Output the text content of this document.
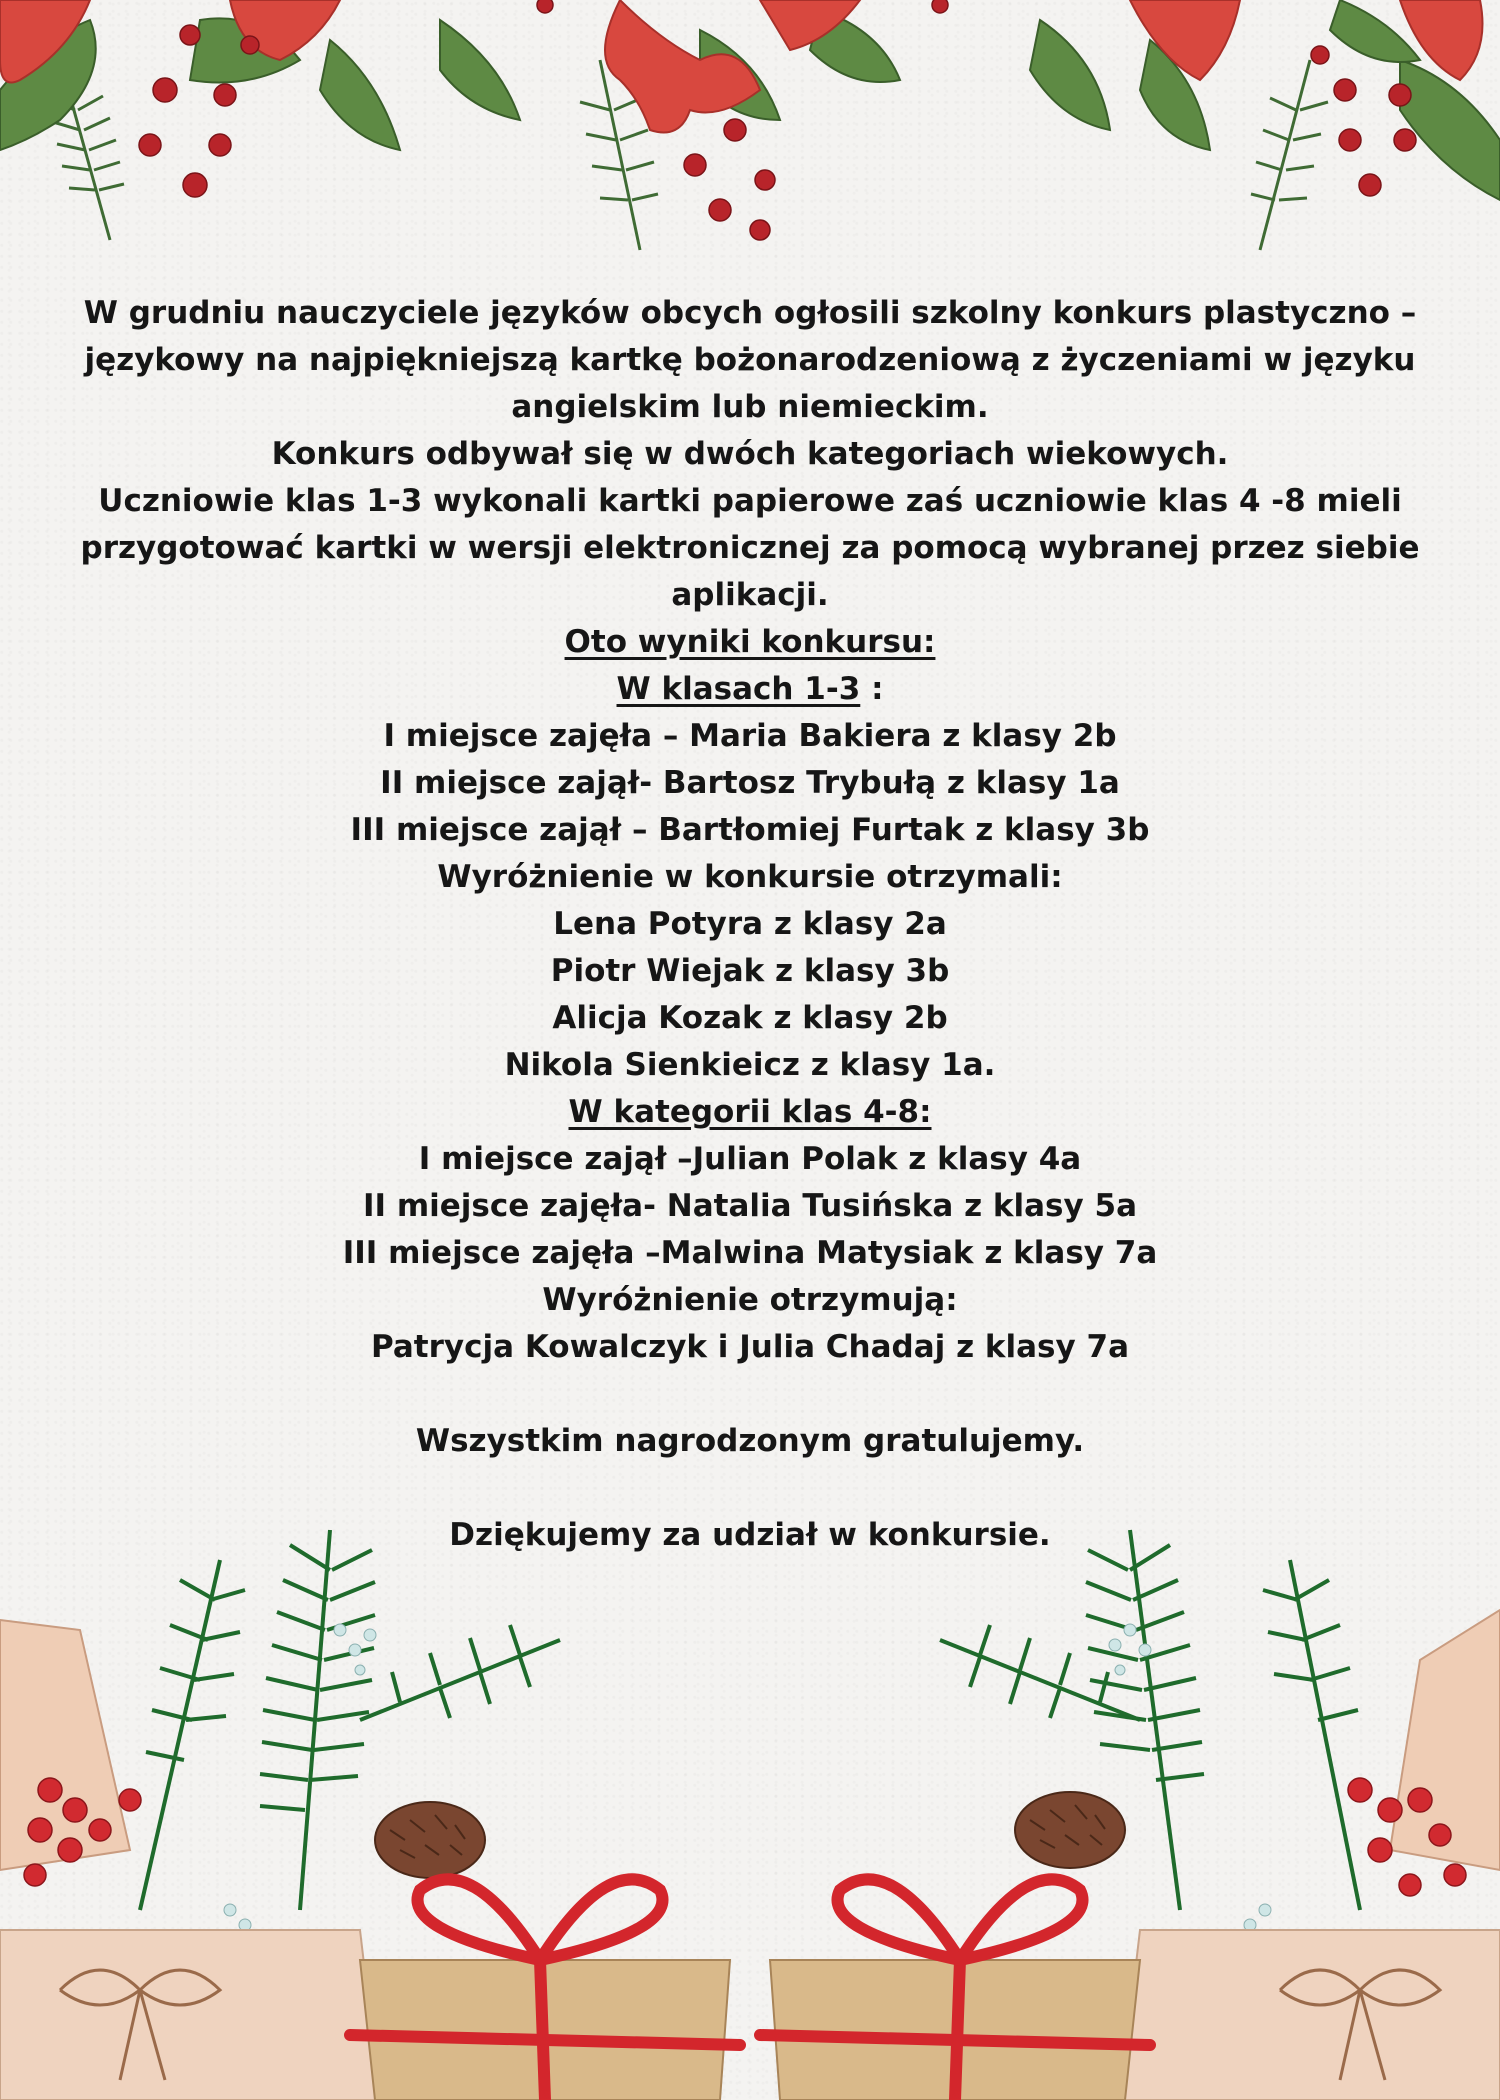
W grudniu nauczyciele języków obcych ogłosili szkolny konkurs plastyczno –
językowy na najpiękniejszą kartkę bożonarodzeniową z życzeniami w języku
angielskim lub niemieckim.
Konkurs odbywał się w dwóch kategoriach wiekowych.
Uczniowie klas 1-3 wykonali kartki papierowe zaś uczniowie klas 4 -8 mieli
przygotować kartki w wersji elektronicznej za pomocą wybranej przez siebie
aplikacji.
Oto wyniki konkursu:
W klasach 1-3 :
I miejsce zajęła – Maria Bakiera z klasy 2b
II miejsce zajął- Bartosz Trybułą z klasy 1a
III miejsce zajął – Bartłomiej Furtak z klasy 3b
Wyróżnienie w konkursie otrzymali:
Lena Potyra z klasy 2a
Piotr Wiejak z klasy 3b
Alicja Kozak z klasy 2b
Nikola Sienkieicz z klasy 1a.
W kategorii klas 4-8:
I miejsce zajął –Julian Polak z klasy 4a
II miejsce zajęła- Natalia Tusińska z klasy 5a
III miejsce zajęła –Malwina Matysiak z klasy 7a
Wyróżnienie otrzymują:
Patrycja Kowalczyk i Julia Chadaj z klasy 7a
Wszystkim nagrodzonym gratulujemy.
Dziękujemy za udział w konkursie.
